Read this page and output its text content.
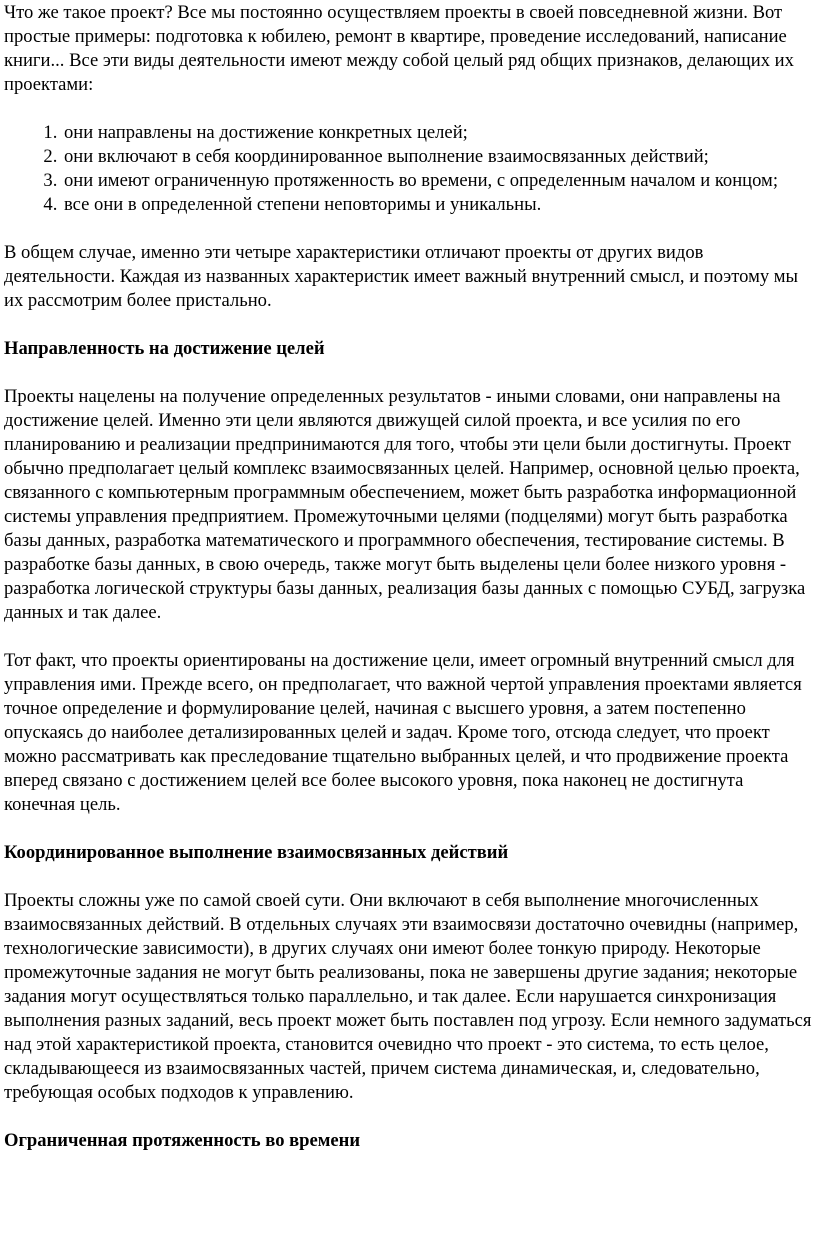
Что же такое проект? Все мы постоянно осуществляем проекты в своей повседневной жизни. Вот простые примеры: подготовка к юбилею, ремонт в квартире, проведение исследований, написание книги... Все эти виды деятельности имеют между собой целый ряд общих признаков, делающих их проектами:

1. они направлены на достижение конкретных целей;
2. они включают в себя координированное выполнение взаимосвязанных действий;
3. они имеют ограниченную протяженность во времени, с определенным началом и концом;
4. все они в определенной степени неповторимы и уникальны.

В общем случае, именно эти четыре характеристики отличают проекты от других видов деятельности. Каждая из названных характеристик имеет важный внутренний смысл, и поэтому мы их рассмотрим более пристально.

Направленность на достижение целей

Проекты нацелены на получение определенных результатов - иными словами, они направлены на достижение целей. Именно эти цели являются движущей силой проекта, и все усилия по его планированию и реализации предпринимаются для того, чтобы эти цели были достигнуты. Проект обычно предполагает целый комплекс взаимосвязанных целей. Например, основной целью проекта, связанного с компьютерным программным обеспечением, может быть разработка информационной системы управления предприятием. Промежуточными целями (подцелями) могут быть разработка базы данных, разработка математического и программного обеспечения, тестирование системы. В разработке базы данных, в свою очередь, также могут быть выделены цели более низкого уровня - разработка логической структуры базы данных, реализация базы данных с помощью СУБД, загрузка данных и так далее.

Тот факт, что проекты ориентированы на достижение цели, имеет огромный внутренний смысл для управления ими. Прежде всего, он предполагает, что важной чертой управления проектами является точное определение и формулирование целей, начиная с высшего уровня, а затем постепенно опускаясь до наиболее детализированных целей и задач. Кроме того, отсюда следует, что проект можно рассматривать как преследование тщательно выбранных целей, и что продвижение проекта вперед связано с достижением целей все более высокого уровня, пока наконец не достигнута конечная цель.

Координированное выполнение взаимосвязанных действий

Проекты сложны уже по самой своей сути. Они включают в себя выполнение многочисленных взаимосвязанных действий. В отдельных случаях эти взаимосвязи достаточно очевидны (например, технологические зависимости), в других случаях они имеют более тонкую природу. Некоторые промежуточные задания не могут быть реализованы, пока не завершены другие задания; некоторые задания могут осуществляться только параллельно, и так далее. Если нарушается синхронизация выполнения разных заданий, весь проект может быть поставлен под угрозу. Если немного задуматься над этой характеристикой проекта, становится очевидно что проект - это система, то есть целое, складывающееся из взаимосвязанных частей, причем система динамическая, и, следовательно, требующая особых подходов к управлению.

Ограниченная протяженность во времени
